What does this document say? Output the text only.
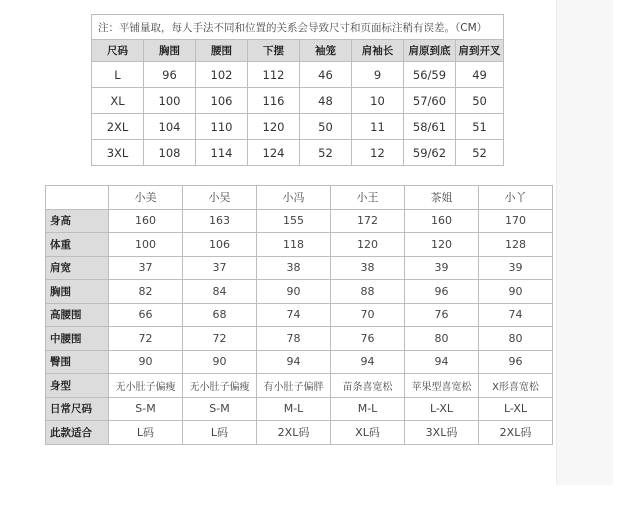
注：平铺量取，每人手法不同和位置的关系会导致尺寸和页面标注稍有误差。（CM）							
尺码	胸围	腰围	下摆	袖笼	肩袖长	肩原到底	肩到开叉
L	96	102	112	46	9	56/59	49
XL	100	106	116	48	10	57/60	50
2XL	104	110	120	50	11	58/61	51
3XL	108	114	124	52	12	59/62	52
	小美	小吴	小冯	小王	茶姐	小丫
身高	160	163	155	172	160	170
体重	100	106	118	120	120	128
肩宽	37	37	38	38	39	39
胸围	82	84	90	88	96	90
高腰围	66	68	74	70	76	74
中腰围	72	72	78	76	80	80
臀围	90	90	94	94	94	96
身型	无小肚子偏瘦	无小肚子偏瘦	有小肚子偏胖	苗条喜宽松	苹果型喜宽松	X形喜宽松
日常尺码	S-M	S-M	M-L	M-L	L-XL	L-XL
此款适合	L码	L码	2XL码	XL码	3XL码	2XL码
